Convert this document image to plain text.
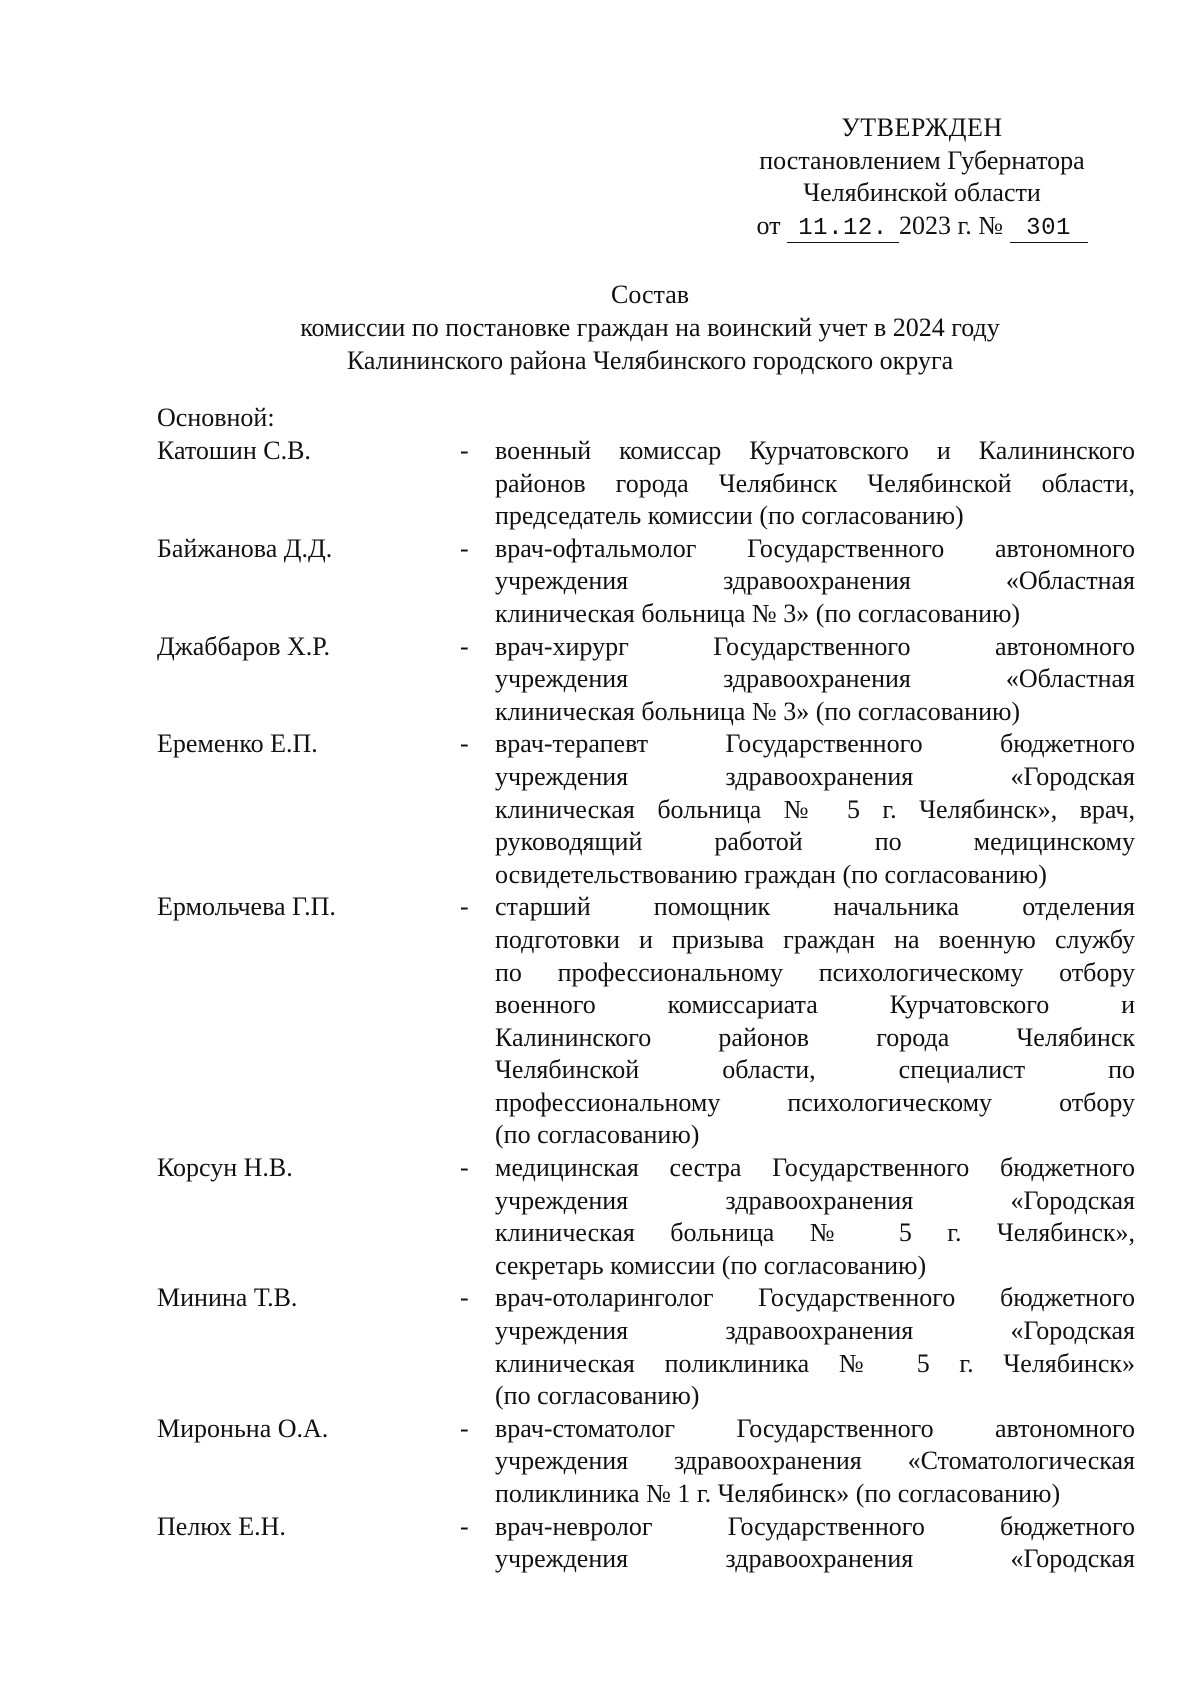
УТВЕРЖДЕН
постановлением Губернатора
Челябинской области
от 11.12. 2023 г. № 301
Состав
комиссии по постановке граждан на воинский учет в 2024 году
Калининского района Челябинского городского округа
Основной:
Катошин С.В.	-	военный комиссар Курчатовского и Калининского
районов города Челябинск Челябинской области,
председатель комиссии (по согласованию)
Байжанова Д.Д.	-	врач-офтальмолог Государственного автономного
учреждения здравоохранения «Областная
клиническая больница № 3» (по согласованию)
Джаббаров Х.Р.	-	врач-хирург Государственного автономного
учреждения здравоохранения «Областная
клиническая больница № 3» (по согласованию)
Еременко Е.П.	-	врач-терапевт Государственного бюджетного
учреждения здравоохранения «Городская
клиническая больница № 5 г. Челябинск», врач,
руководящий работой по медицинскому
освидетельствованию граждан (по согласованию)
Ермольчева Г.П.	-	старший помощник начальника отделения
подготовки и призыва граждан на военную службу
по профессиональному психологическому отбору
военного комиссариата Курчатовского и
Калининского районов города Челябинск
Челябинской области, специалист по
профессиональному психологическому отбору
(по согласованию)
Корсун Н.В.	-	медицинская сестра Государственного бюджетного
учреждения здравоохранения «Городская
клиническая больница № 5 г. Челябинск»,
секретарь комиссии (по согласованию)
Минина Т.В.	-	врач-отоларинголог Государственного бюджетного
учреждения здравоохранения «Городская
клиническая поликлиника № 5 г. Челябинск»
(по согласованию)
Мироньна О.А.	-	врач-стоматолог Государственного автономного
учреждения здравоохранения «Стоматологическая
поликлиника № 1 г. Челябинск» (по согласованию)
Пелюх Е.Н.	-	врач-невролог Государственного бюджетного
учреждения здравоохранения «Городская
